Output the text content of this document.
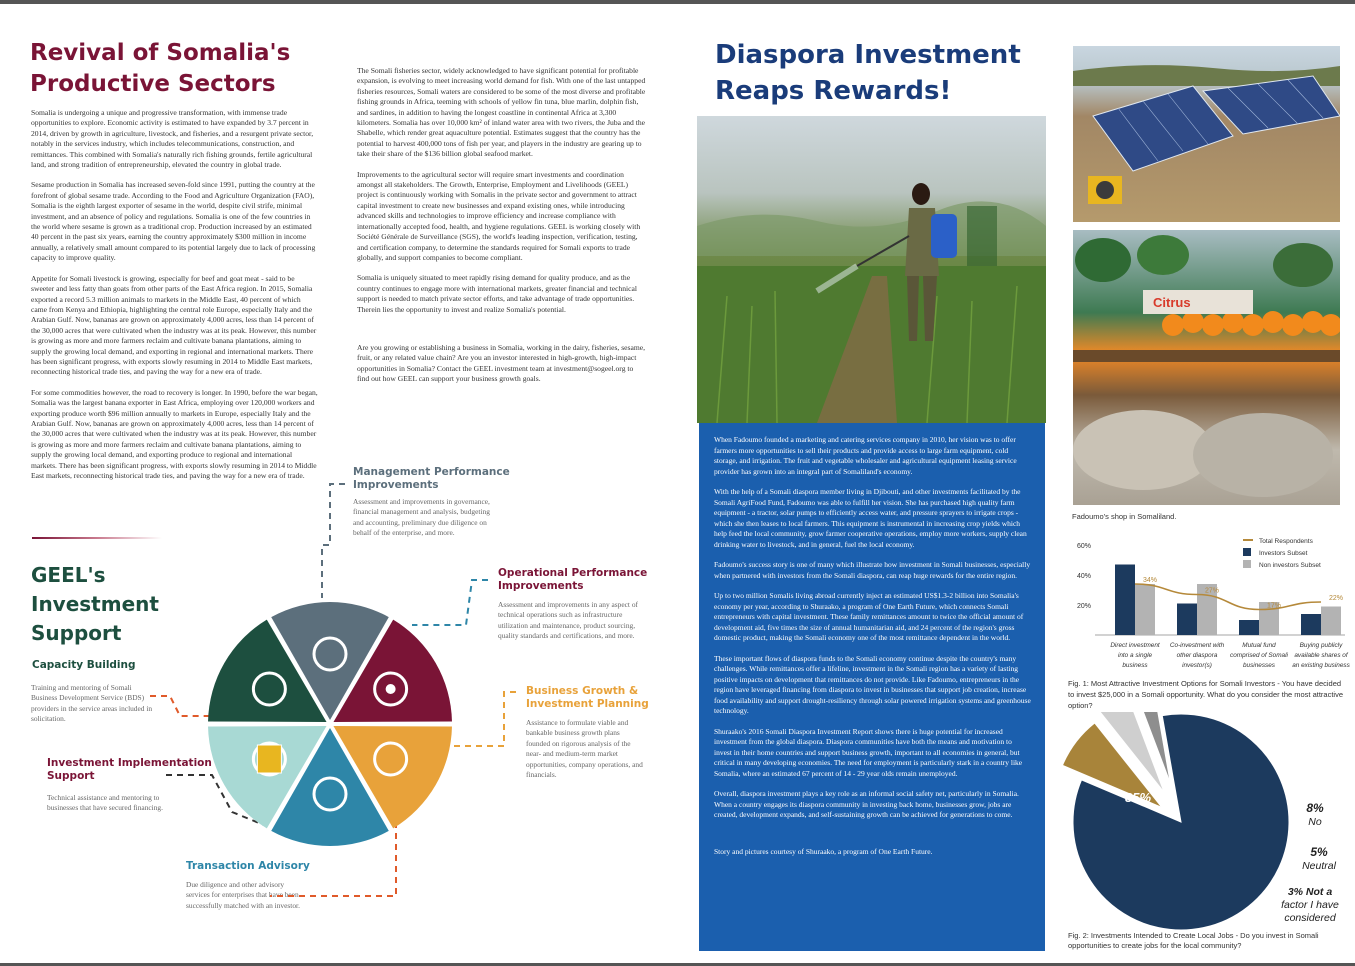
Revival of Somalia's
Productive Sectors

Somalia is undergoing a unique and progressive transformation, with immense trade opportunities to explore. Economic activity is estimated to have expanded by 3.7 percent in 2014, driven by growth in agriculture, livestock, and fisheries, and a resurgent private sector, notably in the services industry, which includes telecommunications, construction, and remittances. This combined with Somalia's naturally rich fishing grounds, fertile agricultural land, and strong tradition of entrepreneurship, elevated the country in global trade.

Sesame production in Somalia has increased seven-fold since 1991, putting the country at the forefront of global sesame trade. According to the Food and Agriculture Organization (FAO), Somalia is the eighth largest exporter of sesame in the world, despite civil strife, minimal investment, and an absence of policy and regulations. Somalia is one of the few countries in the world where sesame is grown as a traditional crop. Production increased by an estimated 40 percent in the past six years, earning the country approximately $300 million in income annually, a relatively small amount compared to its potential largely due to lack of processing capacity to improve quality.

Appetite for Somali livestock is growing, especially for beef and goat meat - said to be sweeter and less fatty than goats from other parts of the East Africa region. In 2015, Somalia exported a record 5.3 million animals to markets in the Middle East, 40 percent of which came from Kenya and Ethiopia, highlighting the central role Europe, especially Italy and the Arabian Gulf. Now, bananas are grown on approximately 4,000 acres, less than 14 percent of the 30,000 acres that were cultivated when the industry was at its peak. However, this number is growing as more and more farmers reclaim and cultivate banana plantations, aiming to supply the growing local demand, and exporting in regional and international markets. There has been significant progress, with exports slowly resuming in 2014 to Middle East markets, reconnecting historical trade ties, and paving the way for a new era of trade.

For some commodities however, the road to recovery is longer. In 1990, before the war began, Somalia was the largest banana exporter in East Africa, employing over 120,000 workers and exporting produce worth $96 million annually to markets in Europe, especially Italy and the Arabian Gulf. Now, bananas are grown on approximately 4,000 acres, less than 14 percent of the 30,000 acres that were cultivated when the industry was at its peak. However, this number is growing as more and more farmers reclaim and cultivate banana plantations, aiming to supply the growing local demand, and exporting produce to regional and international markets. There has been significant progress, with exports slowly resuming in 2014 to Middle East markets, reconnecting historical trade ties, and paving the way for a new era of trade.

The Somali fisheries sector, widely acknowledged to have significant potential for profitable expansion, is evolving to meet increasing world demand for fish. With one of the last untapped fisheries resources, Somali waters are considered to be some of the most diverse and profitable fishing grounds in Africa, teeming with schools of yellow fin tuna, blue marlin, dolphin fish, and sardines, in addition to having the longest coastline in continental Africa at 3,300 kilometers. Somalia has over 10,000 km² of inland water area with two rivers, the Juba and the Shabelle, which render great aquaculture potential. Estimates suggest that the country has the potential to harvest 400,000 tons of fish per year, and players in the industry are gearing up to take their share of the $136 billion global seafood market.

Improvements to the agricultural sector will require smart investments and coordination amongst all stakeholders. The Growth, Enterprise, Employment and Livelihoods (GEEL) project is continuously working with Somalis in the private sector and government to attract capital investment to create new businesses and expand existing ones, while introducing advanced skills and technologies to improve efficiency and increase compliance with internationally accepted food, health, and hygiene regulations. GEEL is working closely with Société Générale de Surveillance (SGS), the world's leading inspection, verification, testing, and certification company, to determine the standards required for Somali exports to trade globally, and support companies to become compliant.

Somalia is uniquely situated to meet rapidly rising demand for quality produce, and as the country continues to engage more with international markets, greater financial and technical support is needed to match private sector efforts, and take advantage of trade opportunities. Therein lies the opportunity to invest and realize Somalia's potential.

Are you growing or establishing a business in Somalia, working in the dairy, fisheries, sesame, fruit, or any related value chain? Are you an investor interested in high-growth, high-impact opportunities in Somalia? Contact the GEEL investment team at investment@sogeel.org to find out how GEEL can support your business growth goals.

GEEL's
Investment
Support
Capacity Building
Training and mentoring of Somali Business Development Service (BDS) providers in the service areas included in solicitation.
Investment Implementation Support
Technical assistance and mentoring to businesses that have secured financing.
Transaction Advisory
Due diligence and other advisory services for enterprises that have been successfully matched with an investor.
Management Performance Improvements
Assessment and improvements in governance, financial management and analysis, budgeting and accounting, preliminary due diligence on behalf of the enterprise, and more.
Operational Performance Improvements
Assessment and improvements in any aspect of technical operations such as infrastructure utilization and maintenance, product sourcing, quality standards and certifications, and more.
Business Growth & Investment Planning
Assistance to formulate viable and bankable business growth plans founded on rigorous analysis of the near- and medium-term market opportunities, company operations, and financials.
Diaspora Investment
Reaps Rewards!

When Fadoumo founded a marketing and catering services company in 2010, her vision was to offer farmers more opportunities to sell their products and provide access to large farm equipment, cold storage, and irrigation. The fruit and vegetable wholesaler and agricultural equipment leasing service provider has grown into an integral part of Somaliland's economy.

With the help of a Somali diaspora member living in Djibouti, and other investments facilitated by the Somali AgriFood Fund, Fadoumo was able to fulfill her vision. She has purchased high quality farm equipment - a tractor, solar pumps to efficiently access water, and pressure sprayers to irrigate crops - which she then leases to local farmers. This equipment is instrumental in increasing crop yields which help feed the local community, grow farmer cooperative operations, employ more workers, supply clean drinking water to livestock, and in general, fuel the local economy.

Fadoumo's success story is one of many which illustrate how investment in Somali businesses, especially when partnered with investors from the Somali diaspora, can reap huge rewards for the entire region.

Up to two million Somalis living abroad currently inject an estimated US$1.3-2 billion into Somalia's economy per year, according to Shuraako, a program of One Earth Future, which connects Somali entrepreneurs with capital investment. These family remittances amount to twice the official amount of development aid, five times the size of annual humanitarian aid, and 24 percent of the region's gross domestic product, making the Somali economy one of the most remittance dependent in the world.

These important flows of diaspora funds to the Somali economy continue despite the country's many challenges. While remittances offer a lifeline, investment in the Somali region has a variety of lasting positive impacts on development that remittances do not provide. Like Fadoumo, entrepreneurs in the region have leveraged financing from diaspora to invest in businesses that support job creation, increase food availability and support drought-resiliency through solar powered irrigation systems and greenhouse technology.

Shuraako's 2016 Somali Diaspora Investment Report shows there is huge potential for increased investment from the global diaspora. Diaspora communities have both the means and motivation to invest in their home countries and support business growth, important to all economies in general, but critical in many developing economies. The need for employment is particularly stark in a country like Somalia, where an estimated 67 percent of 14 - 29 year olds remain unemployed.

Overall, diaspora investment plays a key role as an informal social safety net, particularly in Somalia. When a country engages its diaspora community in investing back home, businesses grow, jobs are created, development expands, and self-sustaining growth can be achieved for generations to come.

Story and pictures courtesy of Shuraako, a program of One Earth Future.

Citrus
Fadoumo's shop in Somaliland.
20%
40%
60%
34%
Direct investment
into a single
business
27%
Co-investment with
other diaspora
investor(s)
17%
Mutual fund
comprised of Somali
businesses
22%
Buying publicly
available shares of
an existing business
Total Respondents
Investors Subset
Non investors Subset
Fig. 1: Most Attractive Investment Options for Somali Investors - You have decided to invest $25,000 in a Somali opportunity. What do you consider the most attractive option?
85% Yes
8%
No
5%
Neutral
3% Not a
factor I have
considered
Fig. 2: Investments Intended to Create Local Jobs - Do you invest in Somali opportunities to create jobs for the local community?
